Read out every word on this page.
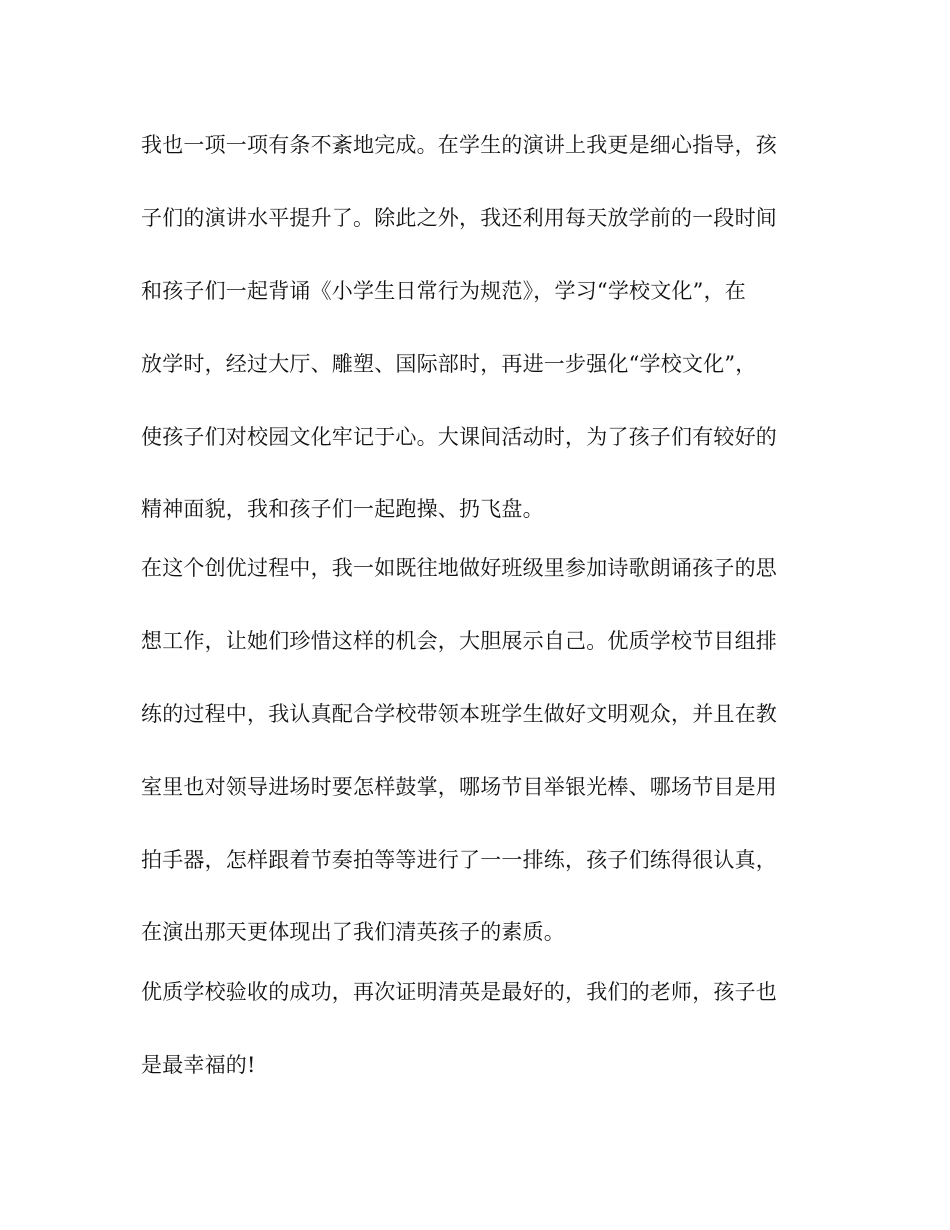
我也一项一项有条不紊地完成。在学生的演讲上我更是细心指导，孩
子们的演讲水平提升了。除此之外，我还利用每天放学前的一段时间
和孩子们一起背诵《小学生日常行为规范》，学习“学校文化”，在
放学时，经过大厅、雕塑、国际部时，再进一步强化“学校文化”，
使孩子们对校园文化牢记于心。大课间活动时，为了孩子们有较好的
精神面貌，我和孩子们一起跑操、扔飞盘。
在这个创优过程中，我一如既往地做好班级里参加诗歌朗诵孩子的思
想工作，让她们珍惜这样的机会，大胆展示自己。优质学校节目组排
练的过程中，我认真配合学校带领本班学生做好文明观众，并且在教
室里也对领导进场时要怎样鼓掌，哪场节目举银光棒、哪场节目是用
拍手器，怎样跟着节奏拍等等进行了一一排练，孩子们练得很认真，
在演出那天更体现出了我们清英孩子的素质。
优质学校验收的成功，再次证明清英是最好的，我们的老师，孩子也
是最幸福的!
